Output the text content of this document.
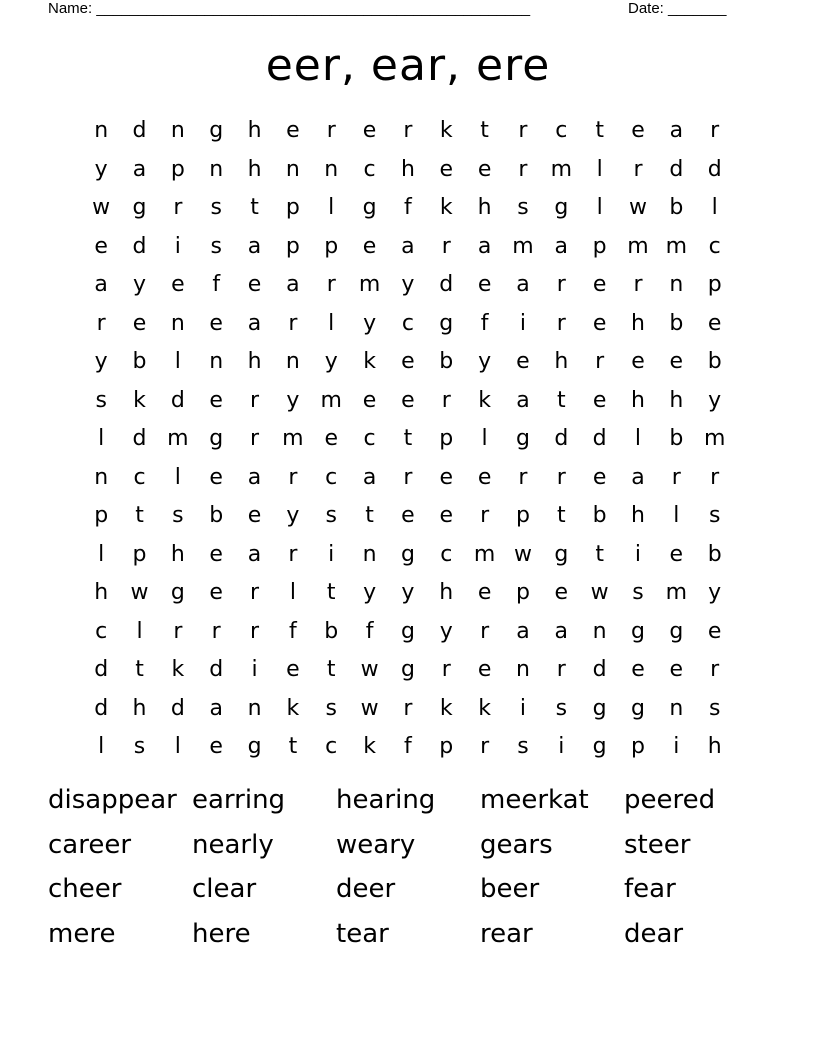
Name: ____________________________________________________	Date: _______
eer, ear, ere
n	d	n	g	h	e	r	e	r	k	t	r	c	t	e	a	r
y	a	p	n	h	n	n	c	h	e	e	r	m	l	r	d	d
w	g	r	s	t	p	l	g	f	k	h	s	g	l	w	b	l
e	d	i	s	a	p	p	e	a	r	a m a	p m m c
a	y	e	f	e	a	r	m y	d	e	a	r	e	r	n	p
r	e	n	e	a	r	l	y	c	g	f	i	r	e	h	b	e
y	b	l	n	h	n	y	k	e	b	y	e	h	r	e	e	b
s	k	d	e	r	y m e	e	r	k	a	t	e	h	h	y
l	d m g	r	m e	c	t	p	l	g	d	d	l	b m
n	c	l	e	a	r	c	a	r	e	e	r	r	e	a	r	r
p	t	s	b	e	y	s	t	e	e	r	p	t	b	h	l	s
l	p	h	e	a	r	i	n	g	c m w	g	t	i	e	b
h	w	g	e	r	l	t	y	y	h	e	p	e	w	s m y
c	l	r	r	r	f	b	f	g	y	r	a	a	n	g	g	e
d	t	k	d	i	e	t	w	g	r	e	n	r	d	e	e	r
d	h	d	a	n	k	s	w	r	k	k	i	s	g	g	n	s
l	s	l	e	g	t	c	k	f	p	r	s	i	g	p	i	h
disappear earring	hearing	meerkat	peered
career	nearly	weary	gears	steer
cheer	clear	deer	beer	fear
mere	here	tear	rear	dear
